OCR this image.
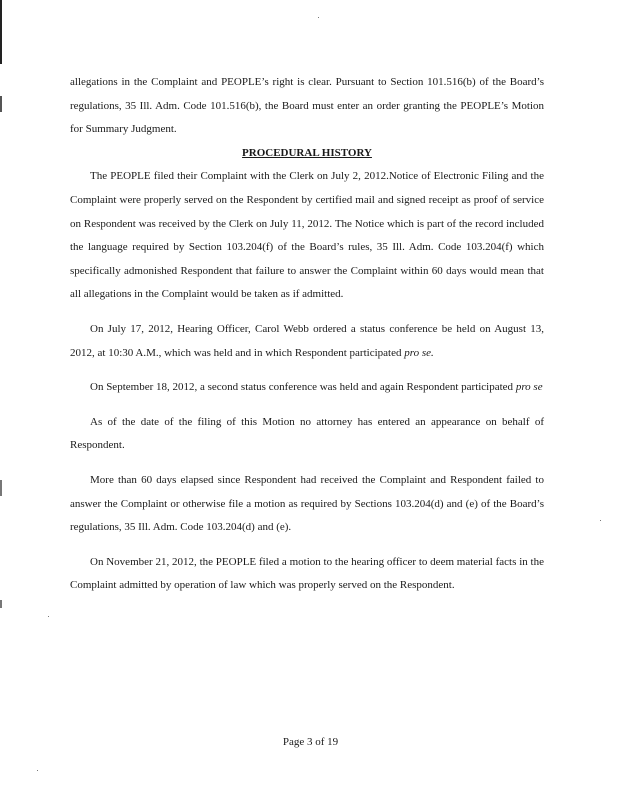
allegations in the Complaint and PEOPLE’s right is clear. Pursuant to Section 101.516(b) of the Board’s regulations, 35 Ill. Adm. Code 101.516(b), the Board must enter an order granting the PEOPLE’s Motion for Summary Judgment.

PROCEDURAL HISTORY

The PEOPLE filed their Complaint with the Clerk on July 2, 2012.Notice of Electronic Filing and the Complaint were properly served on the Respondent by certified mail and signed receipt as proof of service on Respondent was received by the Clerk on July 11, 2012. The Notice which is part of the record included the language required by Section 103.204(f) of the Board’s rules, 35 Ill. Adm. Code 103.204(f) which specifically admonished Respondent that failure to answer the Complaint within 60 days would mean that all allegations in the Complaint would be taken as if admitted.

On July 17, 2012, Hearing Officer, Carol Webb ordered a status conference be held on August 13, 2012, at 10:30 A.M., which was held and in which Respondent participated pro se.

On September 18, 2012, a second status conference was held and again Respondent participated pro se

As of the date of the filing of this Motion no attorney has entered an appearance on behalf of Respondent.

More than 60 days elapsed since Respondent had received the Complaint and Respondent failed to answer the Complaint or otherwise file a motion as required by Sections 103.204(d) and (e) of the Board’s regulations, 35 Ill. Adm. Code 103.204(d) and (e).

On November 21, 2012, the PEOPLE filed a motion to the hearing officer to deem material facts in the Complaint admitted by operation of law which was properly served on the Respondent.

Page 3 of 19
